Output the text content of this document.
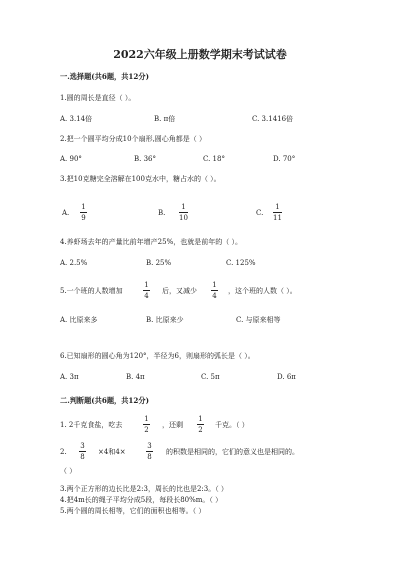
2022六年级上册数学期末考试试卷
一.选择题(共6题，共12分)
1.圆的周长是直径（ ）。
A. 3.14倍	B. π倍	C. 3.1416倍
2.把一个圆平均分成10个扇形,圆心角都是（ ）
A. 90°	B. 36°	C. 18°	D. 70°
3.把10克糖完全溶解在100克水中，糖占水的（ ）。
A.
1
9
B.
1
10
C.
1
11
4.养虾场去年的产量比前年增产25%，也就是前年的（ ）。
A. 2.5%	B. 25%	C. 125%
5.一个班的人数增加
1
4
后，又减少
1
4
，这个班的人数（ ）。
A. 比原来多	B. 比原来少	C. 与原来相等
6.已知扇形的圆心角为120°，半径为6，则扇形的弧长是（ ）。
A. 3π	B. 4π	C. 5π	D. 6π
二.判断题(共6题，共12分)
1. 2千克食盐，吃去
1
2
，还剩
1
2
千克。（ ）
2.
3
8
×4和4×
3
8
的积数是相同的，它们的意义也是相同的。
（ ）
3.两个正方形的边长比是2:3，周长的比也是2:3。（ ）
4.把4m长的绳子平均分成5段，每段长80%m。（ ）
5.两个圆的周长相等，它们的面积也相等。（ ）
